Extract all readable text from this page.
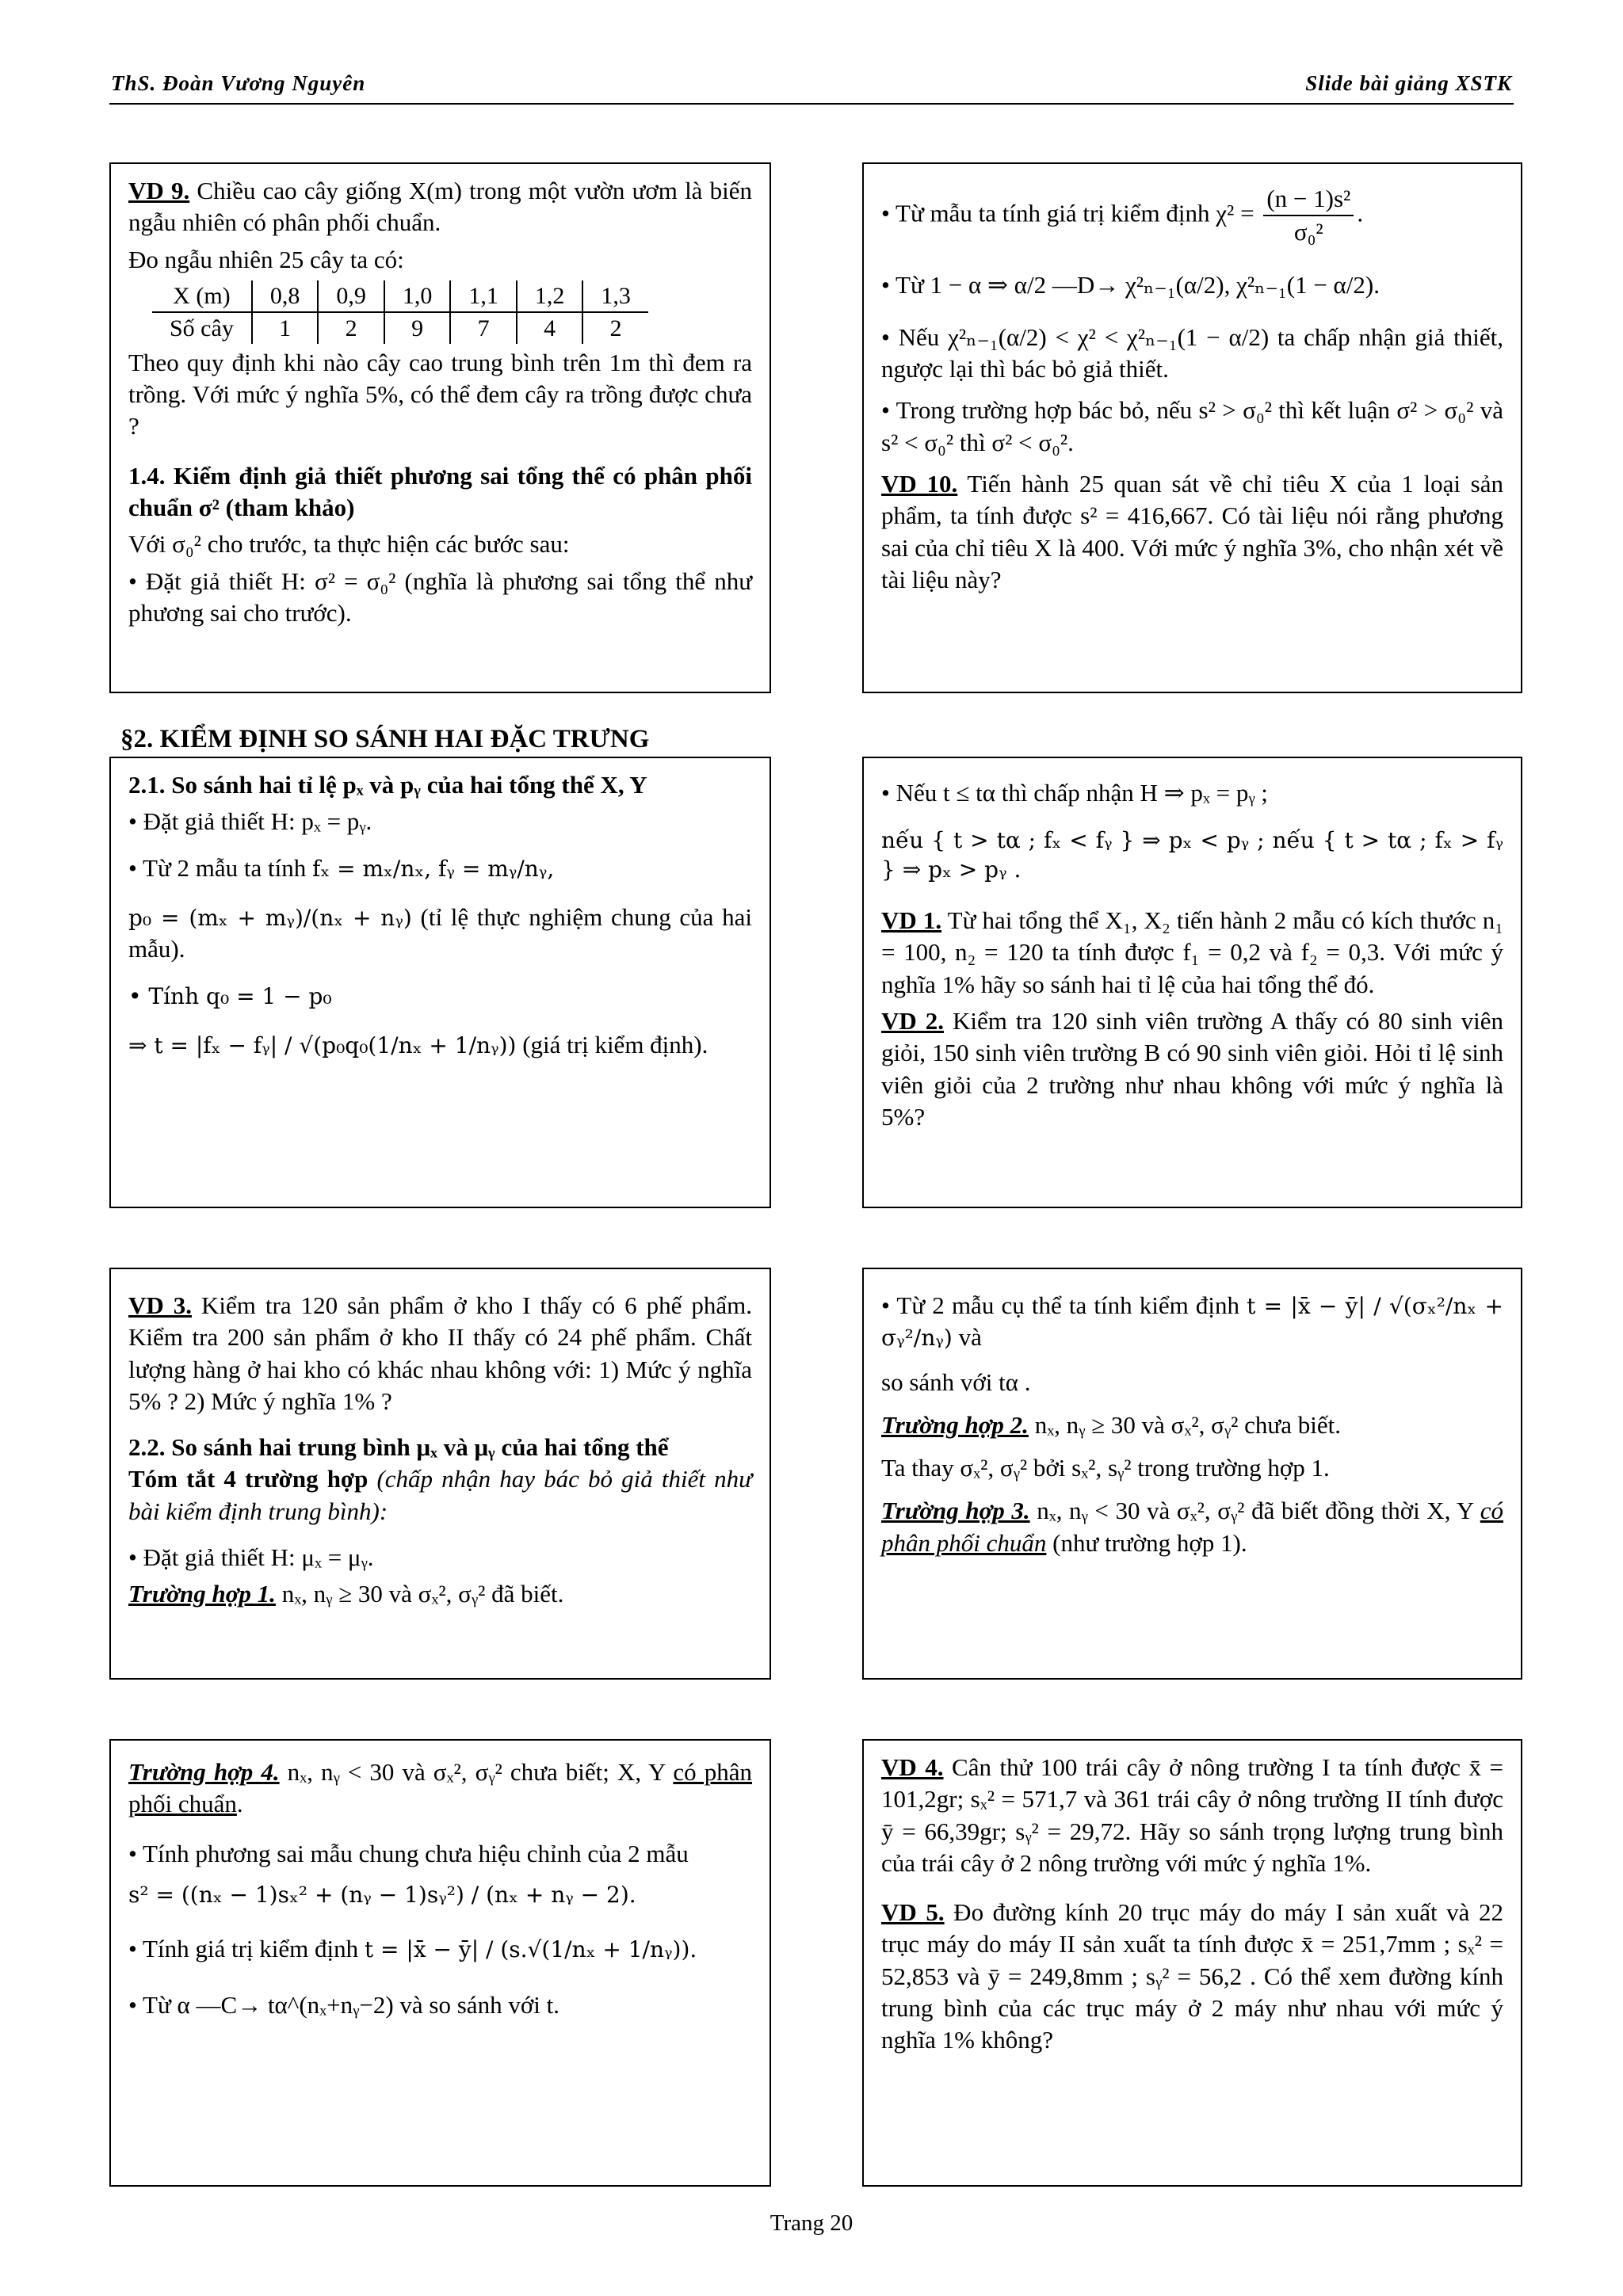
ThS. Đoàn Vương Nguyên	Slide bài giảng XSTK

VD 9. Chiều cao cây giống X(m) trong một vườn ươm là biến ngẫu nhiên có phân phối chuẩn.

Đo ngẫu nhiên 25 cây ta có:

X (m)	0,8	0,9	1,0	1,1	1,2	1,3
Số cây	1	2	9	7	4	2

Theo quy định khi nào cây cao trung bình trên 1m thì đem ra trồng. Với mức ý nghĩa 5%, có thể đem cây ra trồng được chưa ?

1.4. Kiểm định giả thiết phương sai tổng thể có phân phối chuẩn σ² (tham khảo)

Với σ₀² cho trước, ta thực hiện các bước sau:

• Đặt giả thiết H: σ² = σ₀² (nghĩa là phương sai tổng thể như phương sai cho trước).

• Từ mẫu ta tính giá trị kiểm định $\chi^2 = \frac{\text{(n − 1)s²}}{\text{σ₀²}}$ .

• Từ 1 − α ⇒ α/2 —D→ χ²ₙ₋₁(α/2), χ²ₙ₋₁(1 − α/2).

• Nếu χ²ₙ₋₁(α/2) < χ² < χ²ₙ₋₁(1 − α/2) ta chấp nhận giả thiết, ngược lại thì bác bỏ giả thiết.

• Trong trường hợp bác bỏ, nếu s² > σ₀² thì kết luận σ² > σ₀² và s² < σ₀² thì σ² < σ₀².

VD 10. Tiến hành 25 quan sát về chỉ tiêu X của 1 loại sản phẩm, ta tính được s² = 416,667. Có tài liệu nói rằng phương sai của chỉ tiêu X là 400. Với mức ý nghĩa 3%, cho nhận xét về tài liệu này?

§2. KIỂM ĐỊNH SO SÁNH HAI ĐẶC TRƯNG

2.1. So sánh hai tỉ lệ pₓ và pᵧ của hai tổng thể X, Y

• Đặt giả thiết H: pₓ = pᵧ.

• Từ 2 mẫu ta tính fₓ = mₓ/nₓ, fᵧ = mᵧ/nᵧ,

p₀ = (mₓ + mᵧ)/(nₓ + nᵧ) (tỉ lệ thực nghiệm chung của hai mẫu).

• Tính q₀ = 1 − p₀

⇒ t = |fₓ − fᵧ| / √(p₀q₀(1/nₓ + 1/nᵧ)) (giá trị kiểm định).

• Nếu t ≤ tα thì chấp nhận H ⇒ pₓ = pᵧ ;

nếu { t > tα ; fₓ < fᵧ } ⇒ pₓ < pᵧ ; nếu { t > tα ; fₓ > fᵧ } ⇒ pₓ > pᵧ .

VD 1. Từ hai tổng thể X₁, X₂ tiến hành 2 mẫu có kích thước n₁ = 100, n₂ = 120 ta tính được f₁ = 0,2 và f₂ = 0,3. Với mức ý nghĩa 1% hãy so sánh hai tỉ lệ của hai tổng thể đó.

VD 2. Kiểm tra 120 sinh viên trường A thấy có 80 sinh viên giỏi, 150 sinh viên trường B có 90 sinh viên giỏi. Hỏi tỉ lệ sinh viên giỏi của 2 trường như nhau không với mức ý nghĩa là 5%?

VD 3. Kiểm tra 120 sản phẩm ở kho I thấy có 6 phế phẩm. Kiểm tra 200 sản phẩm ở kho II thấy có 24 phế phẩm. Chất lượng hàng ở hai kho có khác nhau không với: 1) Mức ý nghĩa 5% ? 2) Mức ý nghĩa 1% ?

2.2. So sánh hai trung bình μₓ và μᵧ của hai tổng thể

Tóm tắt 4 trường hợp (chấp nhận hay bác bỏ giả thiết như bài kiểm định trung bình):

• Đặt giả thiết H: μₓ = μᵧ.

Trường hợp 1. nₓ, nᵧ ≥ 30 và σₓ², σᵧ² đã biết.

• Từ 2 mẫu cụ thể ta tính kiểm định t = |x̄ − ȳ| / √(σₓ²/nₓ + σᵧ²/nᵧ) và

so sánh với tα .

Trường hợp 2. nₓ, nᵧ ≥ 30 và σₓ², σᵧ² chưa biết.

Ta thay σₓ², σᵧ² bởi sₓ², sᵧ² trong trường hợp 1.

Trường hợp 3. nₓ, nᵧ < 30 và σₓ², σᵧ² đã biết đồng thời X, Y có phân phối chuẩn (như trường hợp 1).

Trường hợp 4. nₓ, nᵧ < 30 và σₓ², σᵧ² chưa biết; X, Y có phân phối chuẩn.

• Tính phương sai mẫu chung chưa hiệu chỉnh của 2 mẫu

s² = ((nₓ − 1)sₓ² + (nᵧ − 1)sᵧ²) / (nₓ + nᵧ − 2).

• Tính giá trị kiểm định t = |x̄ − ȳ| / (s.√(1/nₓ + 1/nᵧ)).

• Từ α —C→ tα^(nₓ+nᵧ−2) và so sánh với t.

VD 4. Cân thử 100 trái cây ở nông trường I ta tính được x̄ = 101,2gr; sₓ² = 571,7 và 361 trái cây ở nông trường II tính được ȳ = 66,39gr; sᵧ² = 29,72. Hãy so sánh trọng lượng trung bình của trái cây ở 2 nông trường với mức ý nghĩa 1%.

VD 5. Đo đường kính 20 trục máy do máy I sản xuất và 22 trục máy do máy II sản xuất ta tính được x̄ = 251,7mm ; sₓ² = 52,853 và ȳ = 249,8mm ; sᵧ² = 56,2 . Có thể xem đường kính trung bình của các trục máy ở 2 máy như nhau với mức ý nghĩa 1% không?

Trang 20
